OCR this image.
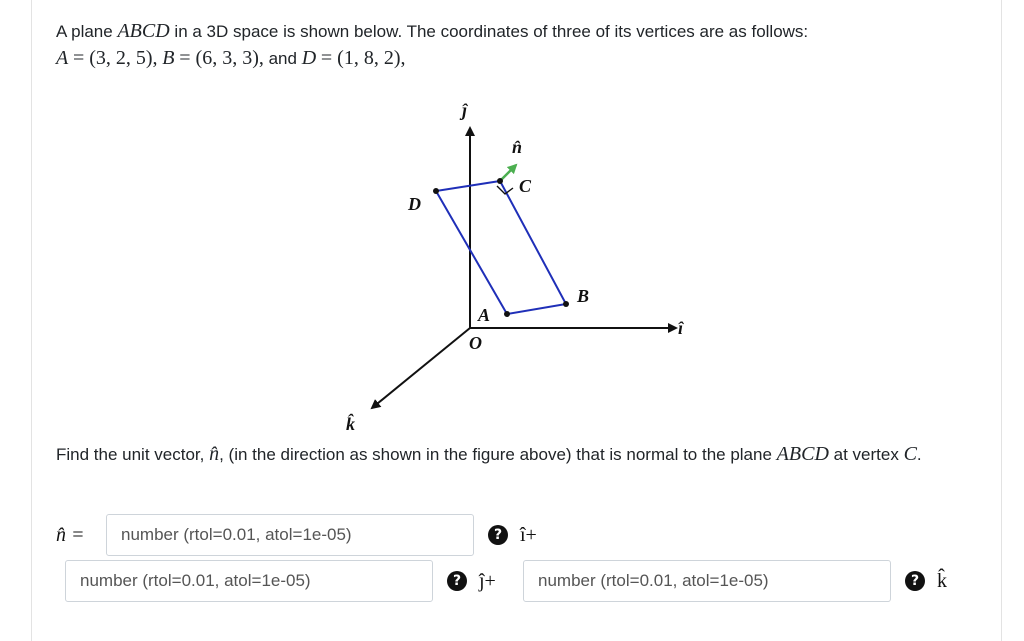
A plane ABCD in a 3D space is shown below. The coordinates of three of its vertices are as follows:
A = (3, 2, 5), B = (6, 3, 3), and D = (1, 8, 2),
ĵ
î
k̂
O
A
B
C
D
n̂
Find the unit vector, n̂, (in the direction as shown in the figure above) that is normal to the plane ABCD at vertex C.
n̂ =
number (rtol=0.01, atol=1e-05)	? î+
number (rtol=0.01, atol=1e-05)
? ĵ+
number (rtol=0.01, atol=1e-05)	? k̂
